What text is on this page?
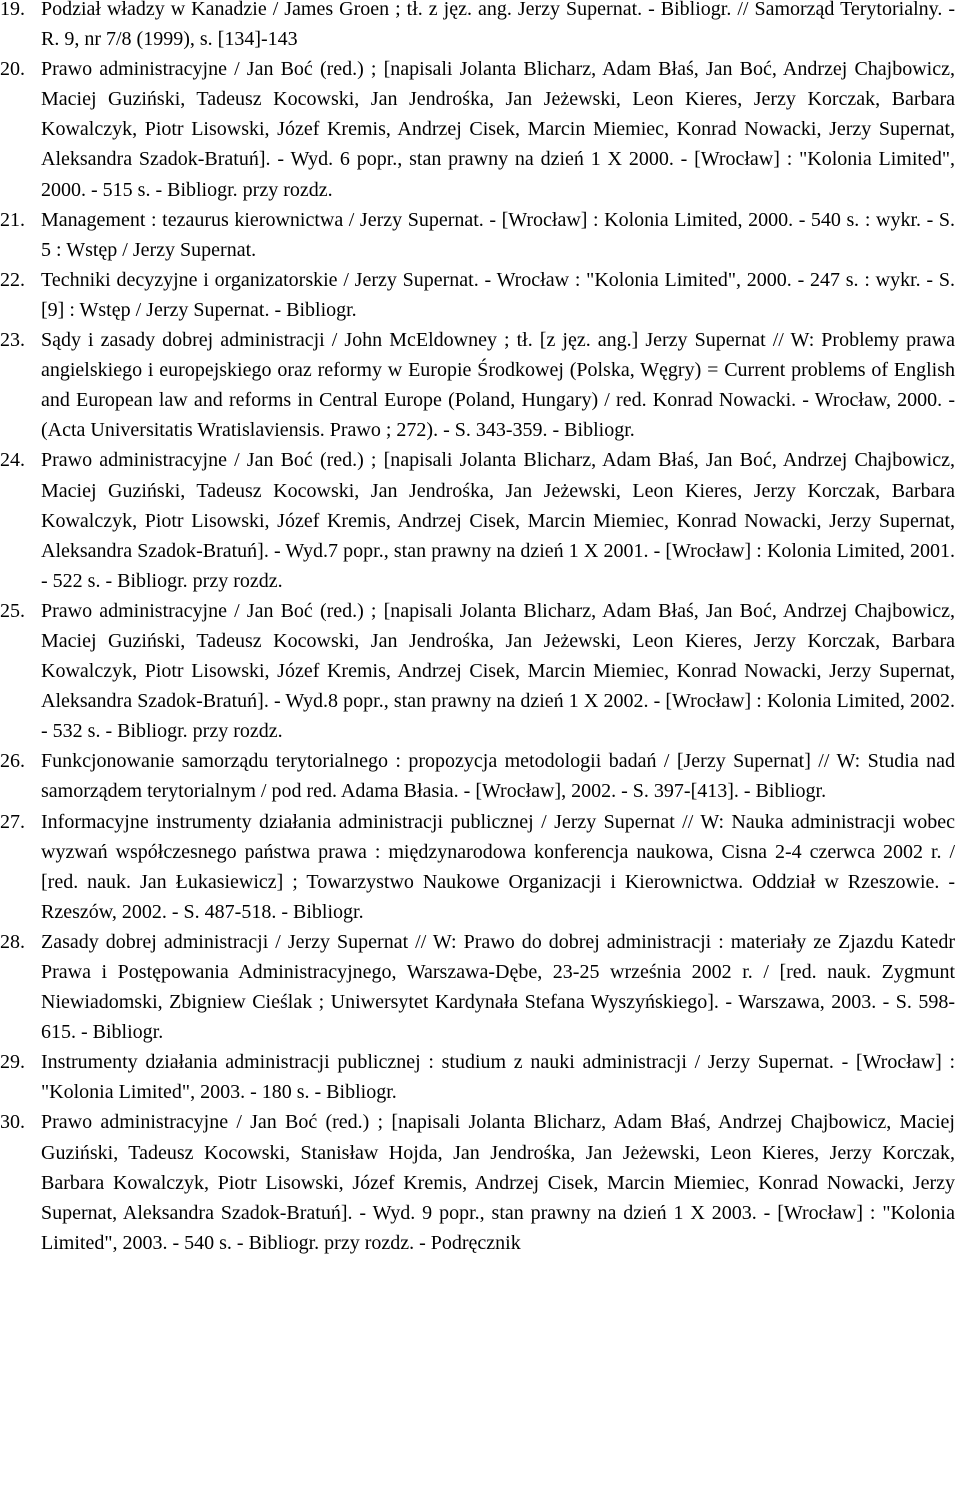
19. Podział władzy w Kanadzie / James Groen ; tł. z jęz. ang. Jerzy Supernat. - Bibliogr. // Samorząd Terytorialny. - R. 9, nr 7/8 (1999), s. [134]-143
20. Prawo administracyjne / Jan Boć (red.) ; [napisali Jolanta Blicharz, Adam Błaś, Jan Boć, Andrzej Chajbowicz, Maciej Guziński, Tadeusz Kocowski, Jan Jendrośka, Jan Jeżewski, Leon Kieres, Jerzy Korczak, Barbara Kowalczyk, Piotr Lisowski, Józef Kremis, Andrzej Cisek, Marcin Miemiec, Konrad Nowacki, Jerzy Supernat, Aleksandra Szadok-Bratuń]. - Wyd. 6 popr., stan prawny na dzień 1 X 2000. - [Wrocław] : "Kolonia Limited", 2000. - 515 s. - Bibliogr. przy rozdz.
21. Management : tezaurus kierownictwa / Jerzy Supernat. - [Wrocław] : Kolonia Limited, 2000. - 540 s. : wykr. - S. 5 : Wstęp / Jerzy Supernat.
22. Techniki decyzyjne i organizatorskie / Jerzy Supernat. - Wrocław : "Kolonia Limited", 2000. - 247 s. : wykr. - S. [9] : Wstęp / Jerzy Supernat. - Bibliogr.
23. Sądy i zasady dobrej administracji / John McEldowney ; tł. [z jęz. ang.] Jerzy Supernat // W: Problemy prawa angielskiego i europejskiego oraz reformy w Europie Środkowej (Polska, Węgry) = Current problems of English and European law and reforms in Central Europe (Poland, Hungary) / red. Konrad Nowacki. - Wrocław, 2000. - (Acta Universitatis Wratislaviensis. Prawo ; 272). - S. 343-359. - Bibliogr.
24. Prawo administracyjne / Jan Boć (red.) ; [napisali Jolanta Blicharz, Adam Błaś, Jan Boć, Andrzej Chajbowicz, Maciej Guziński, Tadeusz Kocowski, Jan Jendrośka, Jan Jeżewski, Leon Kieres, Jerzy Korczak, Barbara Kowalczyk, Piotr Lisowski, Józef Kremis, Andrzej Cisek, Marcin Miemiec, Konrad Nowacki, Jerzy Supernat, Aleksandra Szadok-Bratuń]. - Wyd.7 popr., stan prawny na dzień 1 X 2001. - [Wrocław] : Kolonia Limited, 2001. - 522 s. - Bibliogr. przy rozdz.
25. Prawo administracyjne / Jan Boć (red.) ; [napisali Jolanta Blicharz, Adam Błaś, Jan Boć, Andrzej Chajbowicz, Maciej Guziński, Tadeusz Kocowski, Jan Jendrośka, Jan Jeżewski, Leon Kieres, Jerzy Korczak, Barbara Kowalczyk, Piotr Lisowski, Józef Kremis, Andrzej Cisek, Marcin Miemiec, Konrad Nowacki, Jerzy Supernat, Aleksandra Szadok-Bratuń]. - Wyd.8 popr., stan prawny na dzień 1 X 2002. - [Wrocław] : Kolonia Limited, 2002. - 532 s. - Bibliogr. przy rozdz.
26. Funkcjonowanie samorządu terytorialnego : propozycja metodologii badań / [Jerzy Supernat] // W: Studia nad samorządem terytorialnym / pod red. Adama Błasia. - [Wrocław], 2002. - S. 397-[413]. - Bibliogr.
27. Informacyjne instrumenty działania administracji publicznej / Jerzy Supernat // W: Nauka administracji wobec wyzwań współczesnego państwa prawa : międzynarodowa konferencja naukowa, Cisna 2-4 czerwca 2002 r. / [red. nauk. Jan Łukasiewicz] ; Towarzystwo Naukowe Organizacji i Kierownictwa. Oddział w Rzeszowie. - Rzeszów, 2002. - S. 487-518. - Bibliogr.
28. Zasady dobrej administracji / Jerzy Supernat // W: Prawo do dobrej administracji : materiały ze Zjazdu Katedr Prawa i Postępowania Administracyjnego, Warszawa-Dębe, 23-25 września 2002 r. / [red. nauk. Zygmunt Niewiadomski, Zbigniew Cieślak ; Uniwersytet Kardynała Stefana Wyszyńskiego]. - Warszawa, 2003. - S. 598-615. - Bibliogr.
29. Instrumenty działania administracji publicznej : studium z nauki administracji / Jerzy Supernat. - [Wrocław] : "Kolonia Limited", 2003. - 180 s. - Bibliogr.
30. Prawo administracyjne / Jan Boć (red.) ; [napisali Jolanta Blicharz, Adam Błaś, Andrzej Chajbowicz, Maciej Guziński, Tadeusz Kocowski, Stanisław Hojda, Jan Jendrośka, Jan Jeżewski, Leon Kieres, Jerzy Korczak, Barbara Kowalczyk, Piotr Lisowski, Józef Kremis, Andrzej Cisek, Marcin Miemiec, Konrad Nowacki, Jerzy Supernat, Aleksandra Szadok-Bratuń]. - Wyd. 9 popr., stan prawny na dzień 1 X 2003. - [Wrocław] : "Kolonia Limited", 2003. - 540 s. - Bibliogr. przy rozdz. - Podręcznik
